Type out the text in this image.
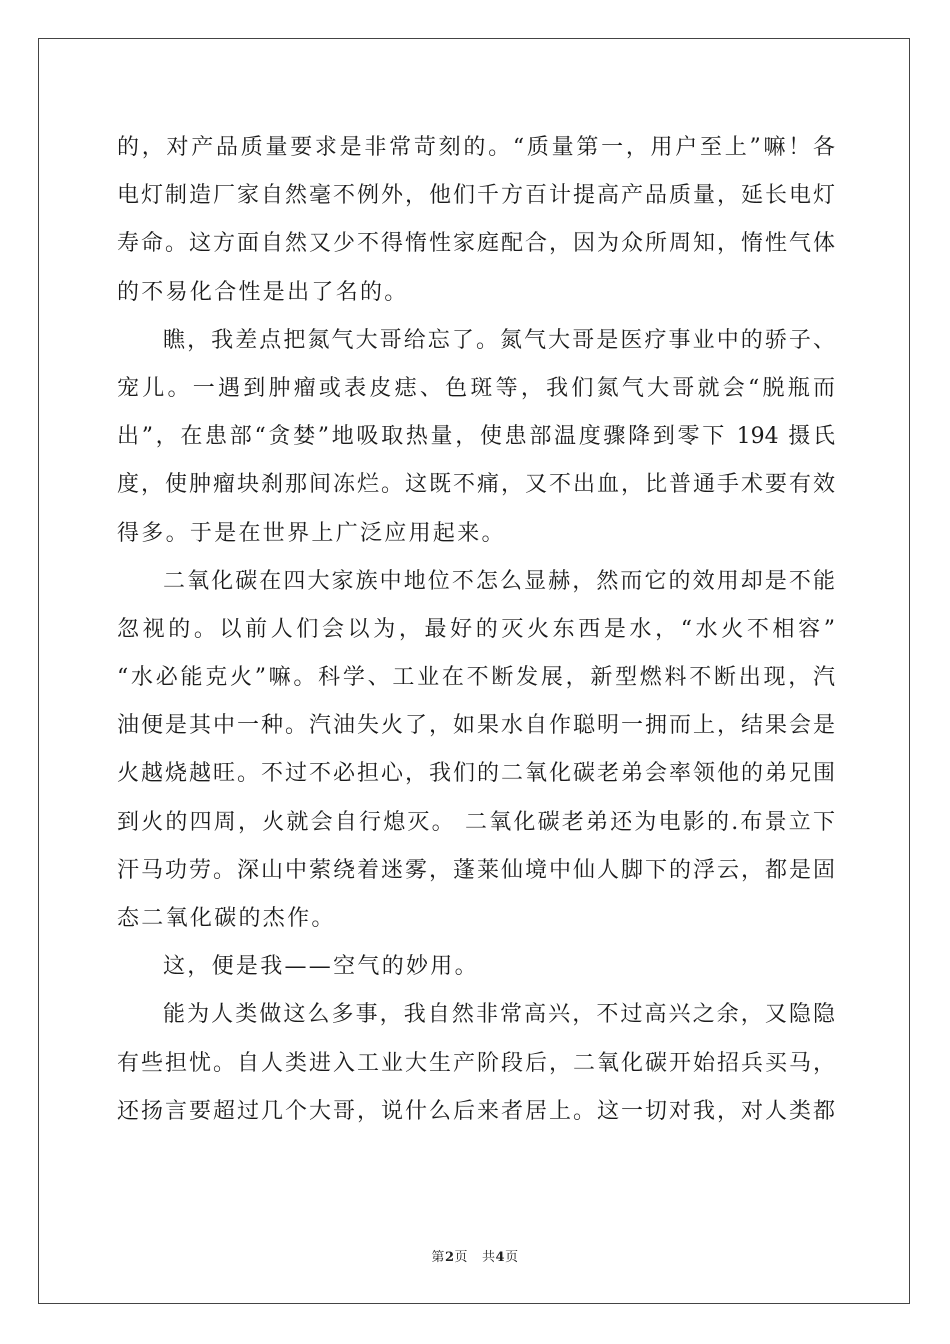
的，对产品质量要求是非常苛刻的。“质量第一，用户至上”嘛！各
电灯制造厂家自然毫不例外，他们千方百计提高产品质量，延长电灯
寿命。这方面自然又少不得惰性家庭配合，因为众所周知，惰性气体
的不易化合性是出了名的。
瞧，我差点把氮气大哥给忘了。氮气大哥是医疗事业中的骄子、
宠儿。一遇到肿瘤或表皮痣、色斑等，我们氮气大哥就会“脱瓶而
出”，在患部“贪婪”地吸取热量，使患部温度骤降到零下 194 摄氏
度，使肿瘤块刹那间冻烂。这既不痛，又不出血，比普通手术要有效
得多。于是在世界上广泛应用起来。
二氧化碳在四大家族中地位不怎么显赫，然而它的效用却是不能
忽视的。以前人们会以为，最好的灭火东西是水，“水火不相容”
“水必能克火”嘛。科学、工业在不断发展，新型燃料不断出现，汽
油便是其中一种。汽油失火了，如果水自作聪明一拥而上，结果会是
火越烧越旺。不过不必担心，我们的二氧化碳老弟会率领他的弟兄围
到火的四周，火就会自行熄灭。 二氧化碳老弟还为电影的.布景立下
汗马功劳。深山中萦绕着迷雾，蓬莱仙境中仙人脚下的浮云，都是固
态二氧化碳的杰作。
这，便是我——空气的妙用。
能为人类做这么多事，我自然非常高兴，不过高兴之余，又隐隐
有些担忧。自人类进入工业大生产阶段后，二氧化碳开始招兵买马，
还扬言要超过几个大哥，说什么后来者居上。这一切对我，对人类都
第2页 共4页
